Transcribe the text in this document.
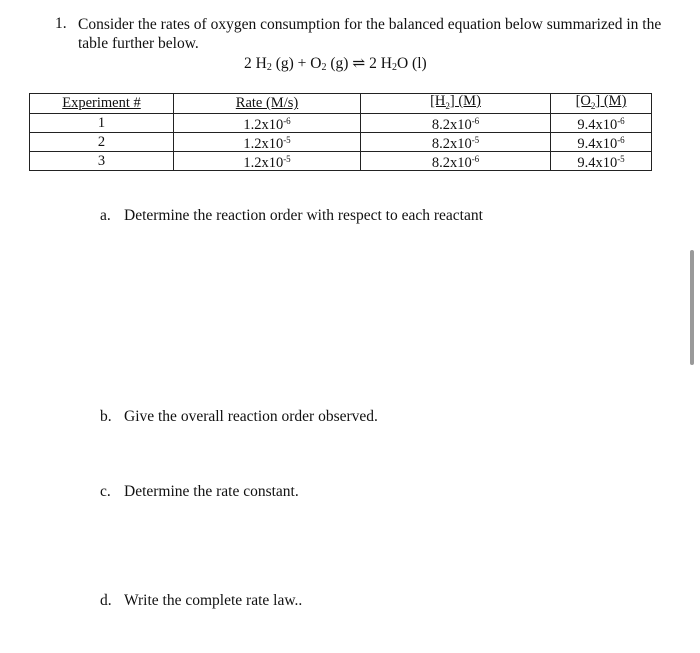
1. Consider the rates of oxygen consumption for the balanced equation below summarized in the table further below.
2 $H_2$ $(g) + O_2$ (g) ⇌ 2 $H_2O$ (l)
Experiment #	Rate (M/s)	$[H_2]$ (M)	$[O_2]$ (M)
1	$1.2x10^{-6}$	$8.2x10^{-6}$	$9.4x10^{-6}$
2	$1.2x10^{-5}$	$8.2x10^{-5}$	$9.4x10^{-6}$
3	$1.2x10^{-5}$	$8.2x10^{-6}$	$9.4x10^{-5}$
a. Determine the reaction order with respect to each reactant
b. Give the overall reaction order observed.
c. Determine the rate constant.
d. Write the complete rate law..
